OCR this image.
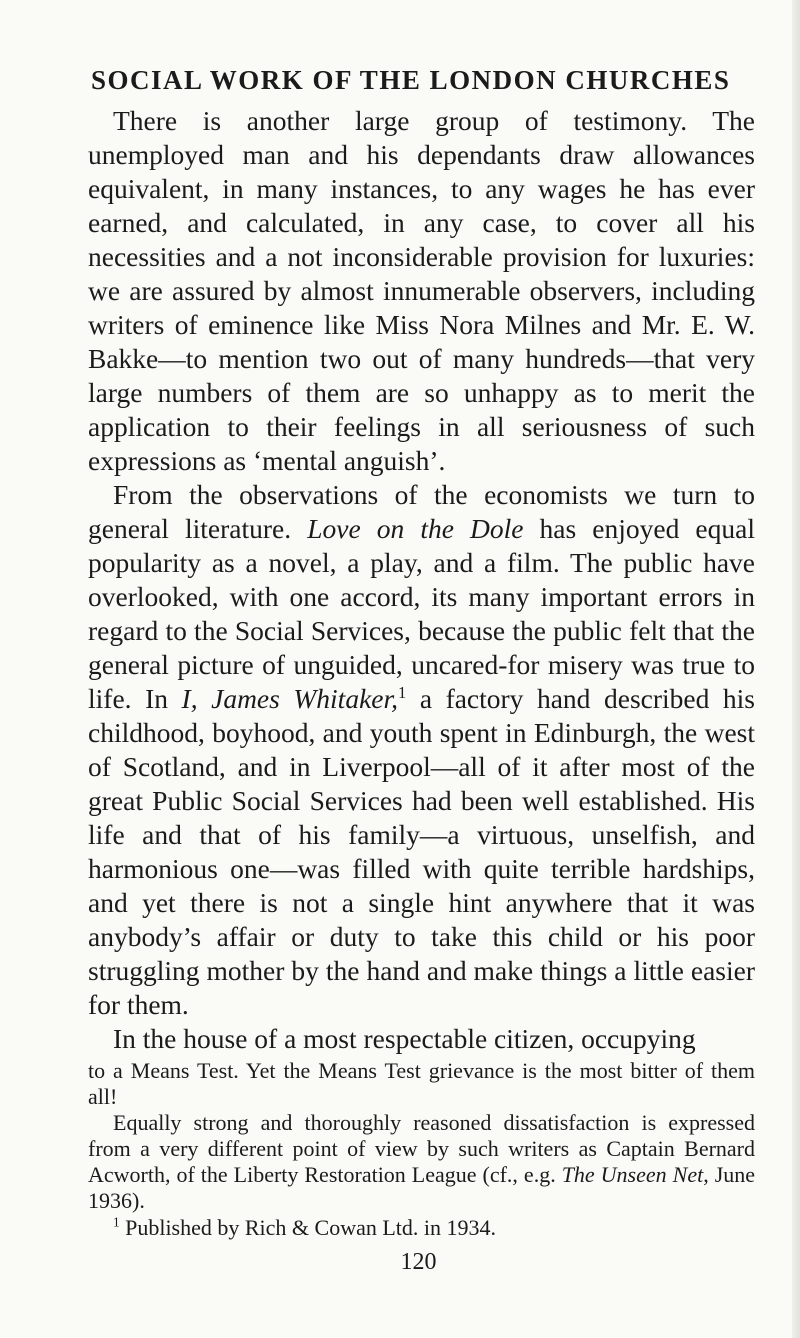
SOCIAL WORK OF THE LONDON CHURCHES

There is another large group of testimony. The unemployed man and his dependants draw allowances equivalent, in many instances, to any wages he has ever earned, and calculated, in any case, to cover all his necessities and a not inconsiderable provision for luxuries: we are assured by almost innumerable observers, including writers of eminence like Miss Nora Milnes and Mr. E. W. Bakke—to mention two out of many hundreds—that very large numbers of them are so unhappy as to merit the application to their feelings in all seriousness of such expressions as ‘mental anguish’.

From the observations of the economists we turn to general literature. Love on the Dole has enjoyed equal popularity as a novel, a play, and a film. The public have overlooked, with one accord, its many important errors in regard to the Social Services, because the public felt that the general picture of unguided, uncared-for misery was true to life. In I, James Whitaker,$^1$ a factory hand described his childhood, boyhood, and youth spent in Edinburgh, the west of Scotland, and in Liverpool—all of it after most of the great Public Social Services had been well established. His life and that of his family—a virtuous, unselfish, and harmonious one—was filled with quite terrible hardships, and yet there is not a single hint anywhere that it was anybody’s affair or duty to take this child or his poor struggling mother by the hand and make things a little easier for them.

In the house of a most respectable citizen, occupying

to a Means Test. Yet the Means Test grievance is the most bitter of them all!

Equally strong and thoroughly reasoned dissatisfaction is expressed from a very different point of view by such writers as Captain Bernard Acworth, of the Liberty Restoration League (cf., e.g. The Unseen Net, June 1936).

$^1$ Published by Rich & Cowan Ltd. in 1934.

120
